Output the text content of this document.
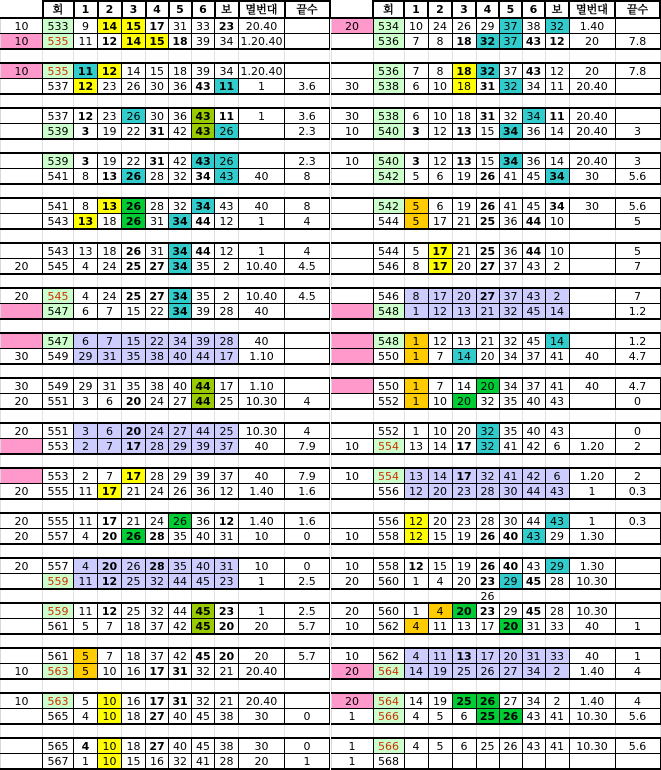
	회	1	2	3	4	5	6	보	멸번대	끝수
10	533	9	14	15	17	31	33	23	20.40	
10	535	11	12	14	15	18	39	34	1.20.40	

10	535	11	12	14	15	18	39	34	1.20.40	
	537	12	23	26	30	36	43	11	1	3.6

	537	12	23	26	30	36	43	11	1	3.6
	539	3	19	22	31	42	43	26		2.3

	539	3	19	22	31	42	43	26		2.3
	541	8	13	26	28	32	34	43	40	8

	541	8	13	26	28	32	34	43	40	8
	543	13	18	26	31	34	44	12	1	4

	543	13	18	26	31	34	44	12	1	4
20	545	4	24	25	27	34	35	2	10.40	4.5

20	545	4	24	25	27	34	35	2	10.40	4.5
	547	6	7	15	22	34	39	28	40	

	547	6	7	15	22	34	39	28	40	
30	549	29	31	35	38	40	44	17	1.10	

30	549	29	31	35	38	40	44	17	1.10	
20	551	3	6	20	24	27	44	25	10.30	4

20	551	3	6	20	24	27	44	25	10.30	4
	553	2	7	17	28	29	39	37	40	7.9

	553	2	7	17	28	29	39	37	40	7.9
20	555	11	17	21	24	26	36	12	1.40	1.6

20	555	11	17	21	24	26	36	12	1.40	1.6
20	557	4	20	26	28	35	40	31	10	0

20	557	4	20	26	28	35	40	31	10	0
	559	11	12	25	32	44	45	23	1	2.5

	559	11	12	25	32	44	45	23	1	2.5
	561	5	7	18	37	42	45	20	20	5.7

	561	5	7	18	37	42	45	20	20	5.7
10	563	5	10	16	17	31	32	21	20.40	

10	563	5	10	16	17	31	32	21	20.40	
	565	4	10	18	27	40	45	38	30	0

	565	4	10	18	27	40	45	38	30	0
	567	1	10	15	16	32	41	28	20	1
	회	1	2	3	4	5	6	보	멸번대	끝수
20	534	10	24	26	29	37	38	32	1.40	
	536	7	8	18	32	37	43	12	20	7.8

	536	7	8	18	32	37	43	12	20	7.8
30	538	6	10	18	31	32	34	11	20.40	

30	538	6	10	18	31	32	34	11	20.40	
10	540	3	12	13	15	34	36	14	20.40	3

10	540	3	12	13	15	34	36	14	20.40	3
	542	5	6	19	26	41	45	34	30	5.6

	542	5	6	19	26	41	45	34	30	5.6
	544	5	17	21	25	36	44	10		5

	544	5	17	21	25	36	44	10		5
	546	8	17	20	27	37	43	2		7

	546	8	17	20	27	37	43	2		7
	548	1	12	13	21	32	45	14		1.2

	548	1	12	13	21	32	45	14		1.2
	550	1	7	14	20	34	37	41	40	4.7

	550	1	7	14	20	34	37	41	40	4.7
	552	1	10	20	32	35	40	43		0

	552	1	10	20	32	35	40	43		0
10	554	13	14	17	32	41	42	6	1.20	2

10	554	13	14	17	32	41	42	6	1.20	2
	556	12	20	23	28	30	44	43	1	0.3

	556	12	20	23	28	30	44	43	1	0.3
10	558	12	15	19	26	40	43	29	1.30	

10	558	12	15	19	26	40	43	29	1.30	
20	560	1	4	20	23	29	45	28	10.30	
					26					
20	560	1	4	20	23	29	45	28	10.30	
10	562	4	11	13	17	20	31	33	40	1

10	562	4	11	13	17	20	31	33	40	1
20	564	14	19	25	26	27	34	2	1.40	4

20	564	14	19	25	26	27	34	2	1.40	4
1	566	4	5	6	25	26	43	41	10.30	5.6

1	566	4	5	6	25	26	43	41	10.30	5.6
1	568									
